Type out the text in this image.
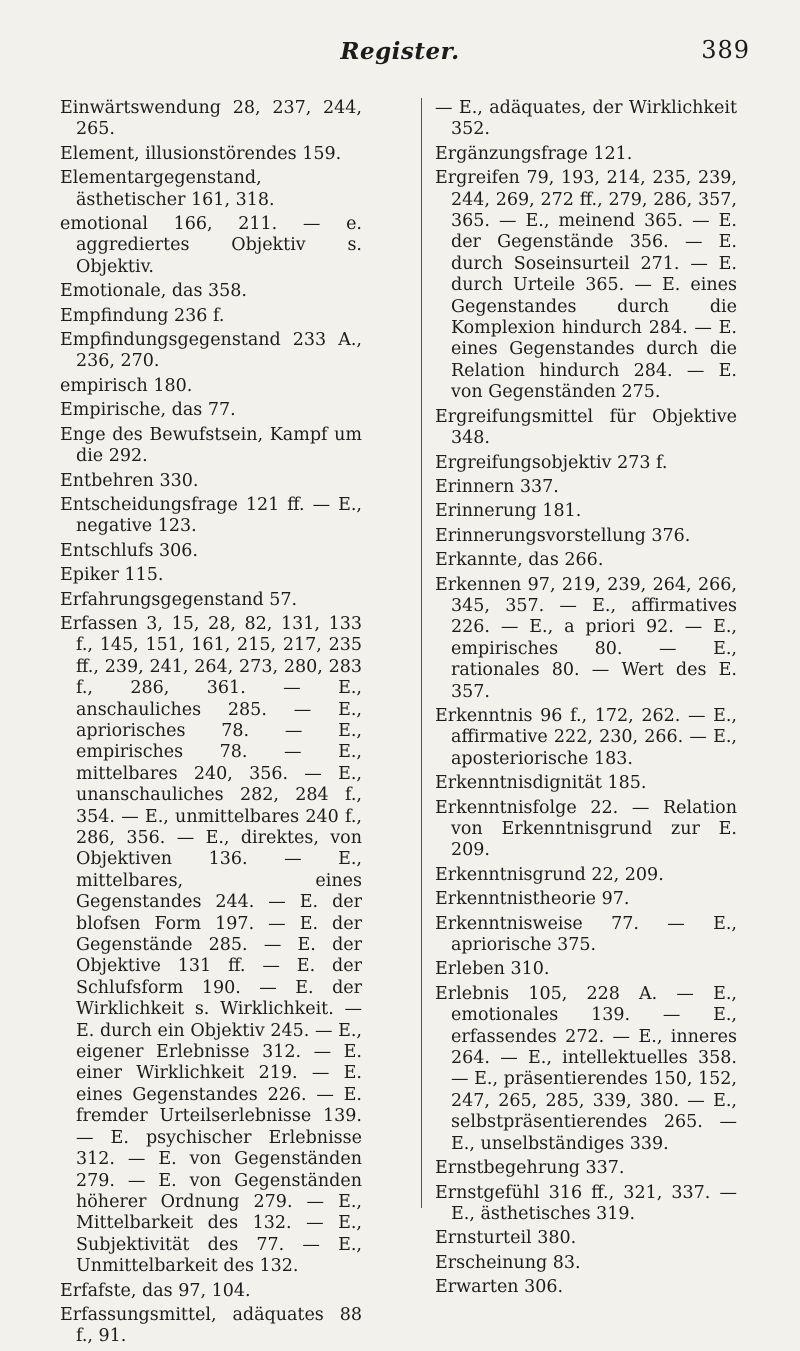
Register.	389

Einwärtswendung 28, 237, 244, 265.

Element, illusionstörendes 159.

Elementargegenstand, ästhetischer 161, 318.

emotional 166, 211. — e. aggrediertes Objektiv s. Objektiv.

Emotionale, das 358.

Empfindung 236 f.

Empfindungsgegenstand 233 A., 236, 270.

empirisch 180.

Empirische, das 77.

Enge des Bewufstsein, Kampf um die 292.

Entbehren 330.

Entscheidungsfrage 121 ff. — E., negative 123.

Entschlufs 306.

Epiker 115.

Erfahrungsgegenstand 57.

Erfassen 3, 15, 28, 82, 131, 133 f., 145, 151, 161, 215, 217, 235 ff., 239, 241, 264, 273, 280, 283 f., 286, 361. — E., anschauliches 285. — E., apriorisches 78. — E., empirisches 78. — E., mittelbares 240, 356. — E., unanschauliches 282, 284 f., 354. — E., unmittelbares 240 f., 286, 356. — E., direktes, von Objektiven 136. — E., mittelbares, eines Gegenstandes 244. — E. der blofsen Form 197. — E. der Gegenstände 285. — E. der Objektive 131 ff. — E. der Schlufsform 190. — E. der Wirklichkeit s. Wirklichkeit. — E. durch ein Objektiv 245. — E., eigener Erlebnisse 312. — E. einer Wirklichkeit 219. — E. eines Gegenstandes 226. — E. fremder Urteilserlebnisse 139. — E. psychischer Erlebnisse 312. — E. von Gegenständen 279. — E. von Gegenständen höherer Ordnung 279. — E., Mittelbarkeit des 132. — E., Subjektivität des 77. — E., Unmittelbarkeit des 132.

Erfafste, das 97, 104.

Erfassungsmittel, adäquates 88 f., 91.

— E., adäquates, der Wirklichkeit 352.

Ergänzungsfrage 121.

Ergreifen 79, 193, 214, 235, 239, 244, 269, 272 ff., 279, 286, 357, 365. — E., meinend 365. — E. der Gegenstände 356. — E. durch Soseinsurteil 271. — E. durch Urteile 365. — E. eines Gegenstandes durch die Komplexion hindurch 284. — E. eines Gegenstandes durch die Relation hindurch 284. — E. von Gegenständen 275.

Ergreifungsmittel für Objektive 348.

Ergreifungsobjektiv 273 f.

Erinnern 337.

Erinnerung 181.

Erinnerungsvorstellung 376.

Erkannte, das 266.

Erkennen 97, 219, 239, 264, 266, 345, 357. — E., affirmatives 226. — E., a priori 92. — E., empirisches 80. — E., rationales 80. — Wert des E. 357.

Erkenntnis 96 f., 172, 262. — E., affirmative 222, 230, 266. — E., aposteriorische 183.

Erkenntnisdignität 185.

Erkenntnisfolge 22. — Relation von Erkenntnisgrund zur E. 209.

Erkenntnisgrund 22, 209.

Erkenntnistheorie 97.

Erkenntnisweise 77. — E., apriorische 375.

Erleben 310.

Erlebnis 105, 228 A. — E., emotionales 139. — E., erfassendes 272. — E., inneres 264. — E., intellektuelles 358. — E., präsentierendes 150, 152, 247, 265, 285, 339, 380. — E., selbstpräsentierendes 265. — E., unselbständiges 339.

Ernstbegehrung 337.

Ernstgefühl 316 ff., 321, 337. — E., ästhetisches 319.

Ernsturteil 380.

Erscheinung 83.

Erwarten 306.
